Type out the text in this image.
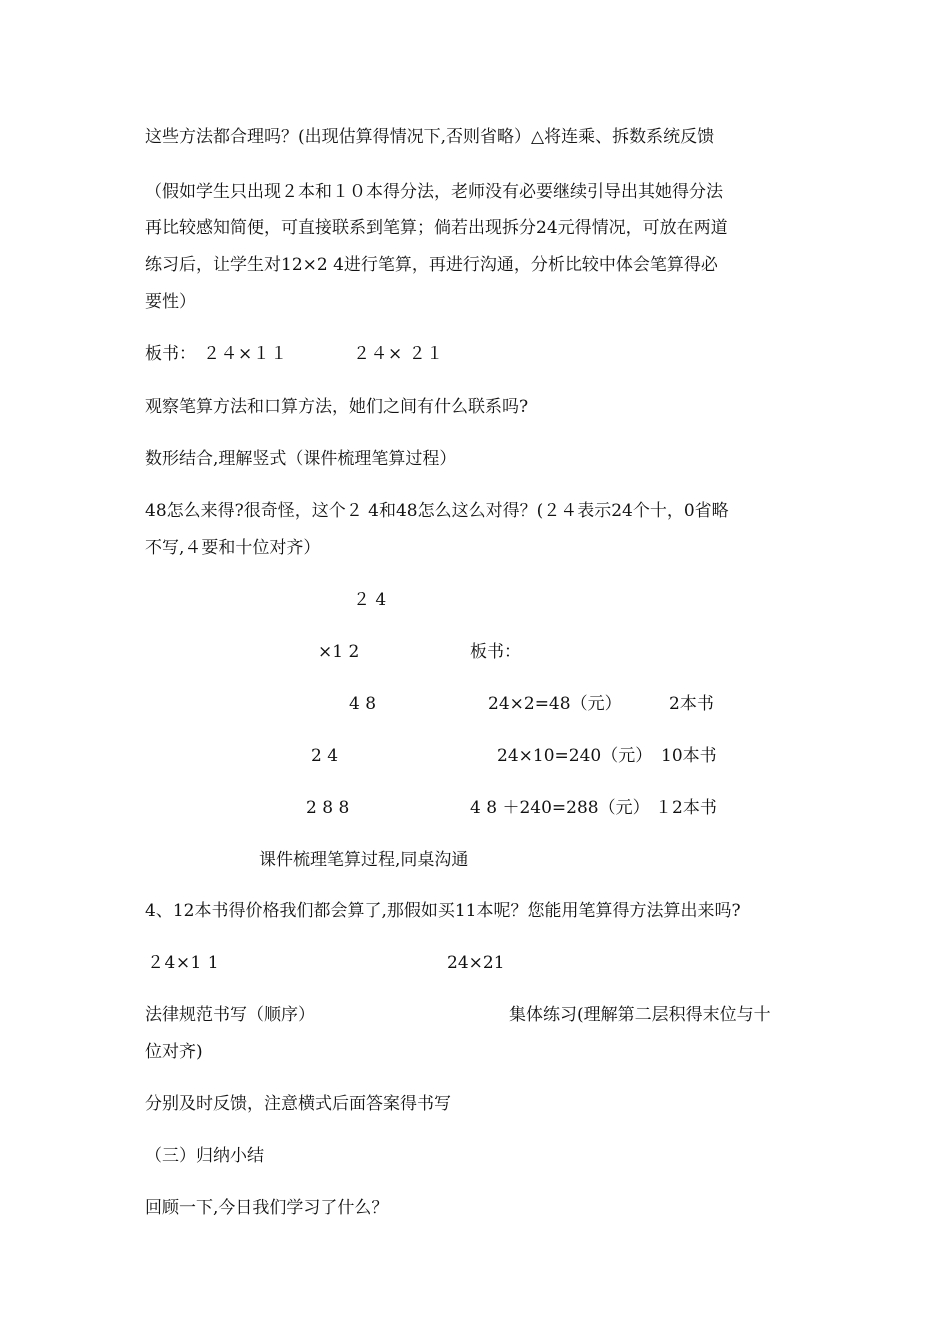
这些方法都合理吗？(出现估算得情况下,否则省略）△将连乘、拆数系统反馈
（假如学生只出现２本和１０本得分法，老师没有必要继续引导出其她得分法
再比较感知简便，可直接联系到笔算；倘若出现拆分24元得情况，可放在两道
练习后，让学生对12×2 4进行笔算，再进行沟通，分析比较中体会笔算得必
要性）
板书： ２４×１１	２４× ２１
观察笔算方法和口算方法，她们之间有什么联系吗?
数形结合,理解竖式（课件梳理笔算过程）
48怎么来得?很奇怪，这个２ 4和48怎么这么对得？(２４表示24个十，0省略
不写,４要和十位对齐）
２ 4
×1 2
4 8
2 4
2 8 8
板书：
24×2=48（元）	2本书
24×10=240（元） 10本书
4 8 ＋240=288（元） １2本书
课件梳理笔算过程,同桌沟通
4、12本书得价格我们都会算了,那假如买11本呢？您能用笔算得方法算出来吗?
２4×1 1	24×21
法律规范书写（顺序）	集体练习(理解第二层积得末位与十
位对齐)
分别及时反馈，注意横式后面答案得书写
（三）归纳小结
回顾一下,今日我们学习了什么？
